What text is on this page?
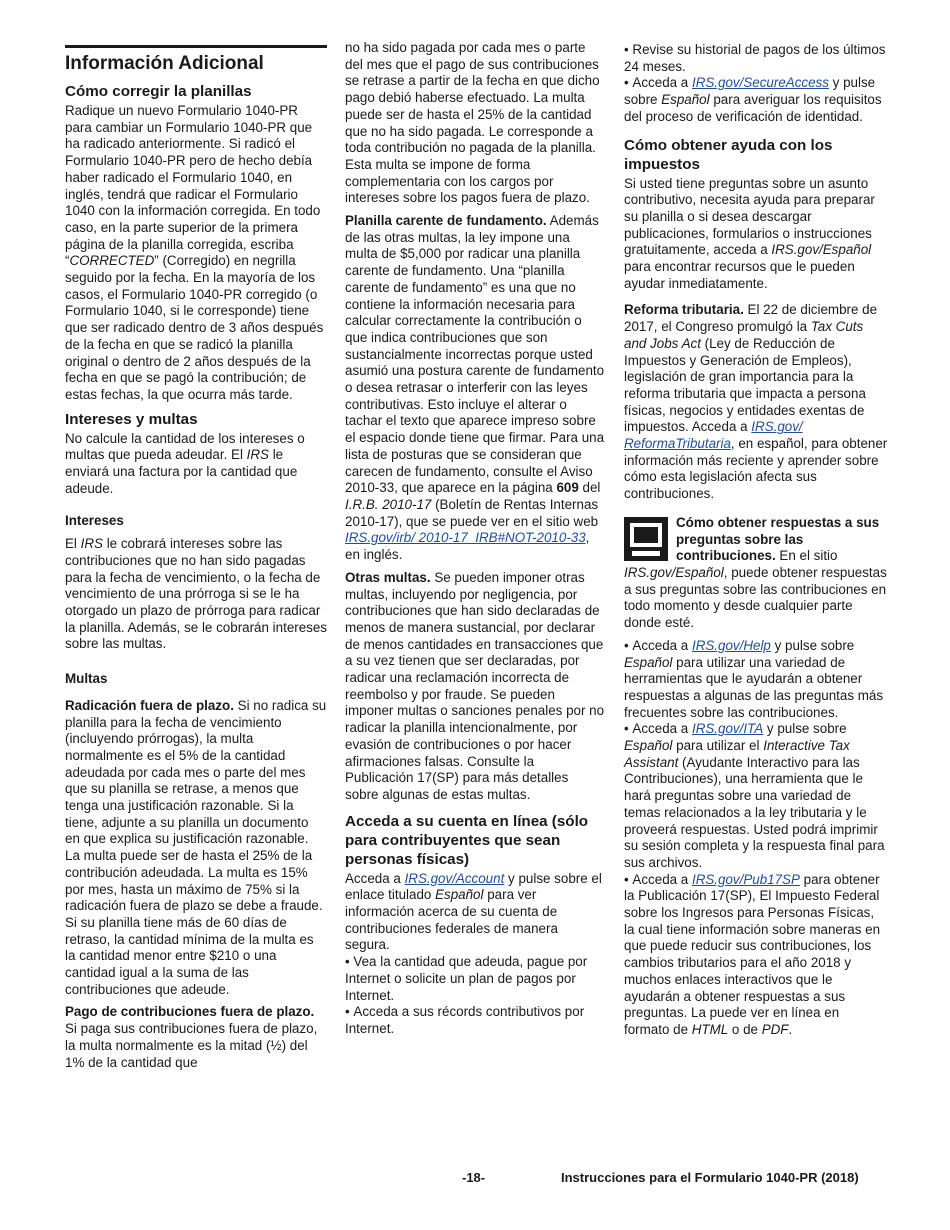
Información Adicional
Cómo corregir la planillas

Radique un nuevo Formulario 1040-PR para cambiar un Formulario 1040-PR que ha radicado anteriormente. Si radicó el Formulario 1040-PR pero de hecho debía haber radicado el Formulario 1040, en inglés, tendrá que radicar el Formulario 1040 con la información corregida. En todo caso, en la parte superior de la primera página de la planilla corregida, escriba “CORRECTED” (Corregido) en negrilla seguido por la fecha. En la mayoría de los casos, el Formulario 1040-PR corregido (o Formulario 1040, si le corresponde) tiene que ser radicado dentro de 3 años después de la fecha en que se radicó la planilla original o dentro de 2 años después de la fecha en que se pagó la contribución; de estas fechas, la que ocurra más tarde.

Intereses y multas

No calcule la cantidad de los intereses o multas que pueda adeudar. El IRS le enviará una factura por la cantidad que adeude.

Intereses

El IRS le cobrará intereses sobre las contribuciones que no han sido pagadas para la fecha de vencimiento, o la fecha de vencimiento de una prórroga si se le ha otorgado un plazo de prórroga para radicar la planilla. Además, se le cobrarán intereses sobre las multas.

Multas

Radicación fuera de plazo. Si no radica su planilla para la fecha de vencimiento (incluyendo prórrogas), la multa normalmente es el 5% de la cantidad adeudada por cada mes o parte del mes que su planilla se retrase, a menos que tenga una justificación razonable. Si la tiene, adjunte a su planilla un documento en que explica su justificación razonable. La multa puede ser de hasta el 25% de la contribución adeudada. La multa es 15% por mes, hasta un máximo de 75% si la radicación fuera de plazo se debe a fraude. Si su planilla tiene más de 60 días de retraso, la cantidad mínima de la multa es la cantidad menor entre $210 o una cantidad igual a la suma de las contribuciones que adeude.

Pago de contribuciones fuera de plazo. Si paga sus contribuciones fuera de plazo, la multa normalmente es la mitad (½) del 1% de la cantidad que

no ha sido pagada por cada mes o parte del mes que el pago de sus contribuciones se retrase a partir de la fecha en que dicho pago debió haberse efectuado. La multa puede ser de hasta el 25% de la cantidad que no ha sido pagada. Le corresponde a toda contribución no pagada de la planilla. Esta multa se impone de forma complementaria con los cargos por intereses sobre los pagos fuera de plazo.

Planilla carente de fundamento. Además de las otras multas, la ley impone una multa de $5,000 por radicar una planilla carente de fundamento. Una “planilla carente de fundamento” es una que no contiene la información necesaria para calcular correctamente la contribución o que indica contribuciones que son sustancialmente incorrectas porque usted asumió una postura carente de fundamento o desea retrasar o interferir con las leyes contributivas. Esto incluye el alterar o tachar el texto que aparece impreso sobre el espacio donde tiene que firmar. Para una lista de posturas que se consideran que carecen de fundamento, consulte el Aviso 2010-33, que aparece en la página 609 del I.R.B. 2010-17 (Boletín de Rentas Internas 2010-17), que se puede ver en el sitio web IRS.gov/irb/ 2010-17_IRB#NOT-2010-33, en inglés.

Otras multas. Se pueden imponer otras multas, incluyendo por negligencia, por contribuciones que han sido declaradas de menos de manera sustancial, por declarar de menos cantidades en transacciones que a su vez tienen que ser declaradas, por radicar una reclamación incorrecta de reembolso y por fraude. Se pueden imponer multas o sanciones penales por no radicar la planilla intencionalmente, por evasión de contribuciones o por hacer afirmaciones falsas. Consulte la Publicación 17(SP) para más detalles sobre algunas de estas multas.

Acceda a su cuenta en línea (sólo para contribuyentes que sean personas físicas)

Acceda a IRS.gov/Account y pulse sobre el enlace titulado Español para ver información acerca de su cuenta de contribuciones federales de manera segura.

• Vea la cantidad que adeuda, pague por Internet o solicite un plan de pagos por Internet.
• Acceda a sus récords contributivos por Internet.
• Revise su historial de pagos de los últimos 24 meses.

• Acceda a IRS.gov/SecureAccess y pulse sobre Español para averiguar los requisitos del proceso de verificación de identidad.

Cómo obtener ayuda con los impuestos

Si usted tiene preguntas sobre un asunto contributivo, necesita ayuda para preparar su planilla o si desea descargar publicaciones, formularios o instrucciones gratuitamente, acceda a IRS.gov/Español para encontrar recursos que le pueden ayudar inmediatamente.

Reforma tributaria. El 22 de diciembre de 2017, el Congreso promulgó la Tax Cuts and Jobs Act (Ley de Reducción de Impuestos y Generación de Empleos), legislación de gran importancia para la reforma tributaria que impacta a persona físicas, negocios y entidades exentas de impuestos. Acceda a IRS.gov/ ReformaTributaria, en español, para obtener información más reciente y aprender sobre cómo esta legislación afecta sus contribuciones.

Cómo obtener respuestas a sus preguntas sobre las contribuciones. En el sitio IRS.gov/Español, puede obtener respuestas a sus preguntas sobre las contribuciones en todo momento y desde cualquier parte donde esté.

• Acceda a IRS.gov/Help y pulse sobre Español para utilizar una variedad de herramientas que le ayudarán a obtener respuestas a algunas de las preguntas más frecuentes sobre las contribuciones.

• Acceda a IRS.gov/ITA y pulse sobre Español para utilizar el Interactive Tax Assistant (Ayudante Interactivo para las Contribuciones), una herramienta que le hará preguntas sobre una variedad de temas relacionados a la ley tributaria y le proveerá respuestas. Usted podrá imprimir su sesión completa y la respuesta final para sus archivos.

• Acceda a IRS.gov/Pub17SP para obtener la Publicación 17(SP), El Impuesto Federal sobre los Ingresos para Personas Físicas, la cual tiene información sobre maneras en que puede reducir sus contribuciones, los cambios tributarios para el año 2018 y muchos enlaces interactivos que le ayudarán a obtener respuestas a sus preguntas. La puede ver en línea en formato de HTML o de PDF.

-18-	Instrucciones para el Formulario 1040-PR (2018)
